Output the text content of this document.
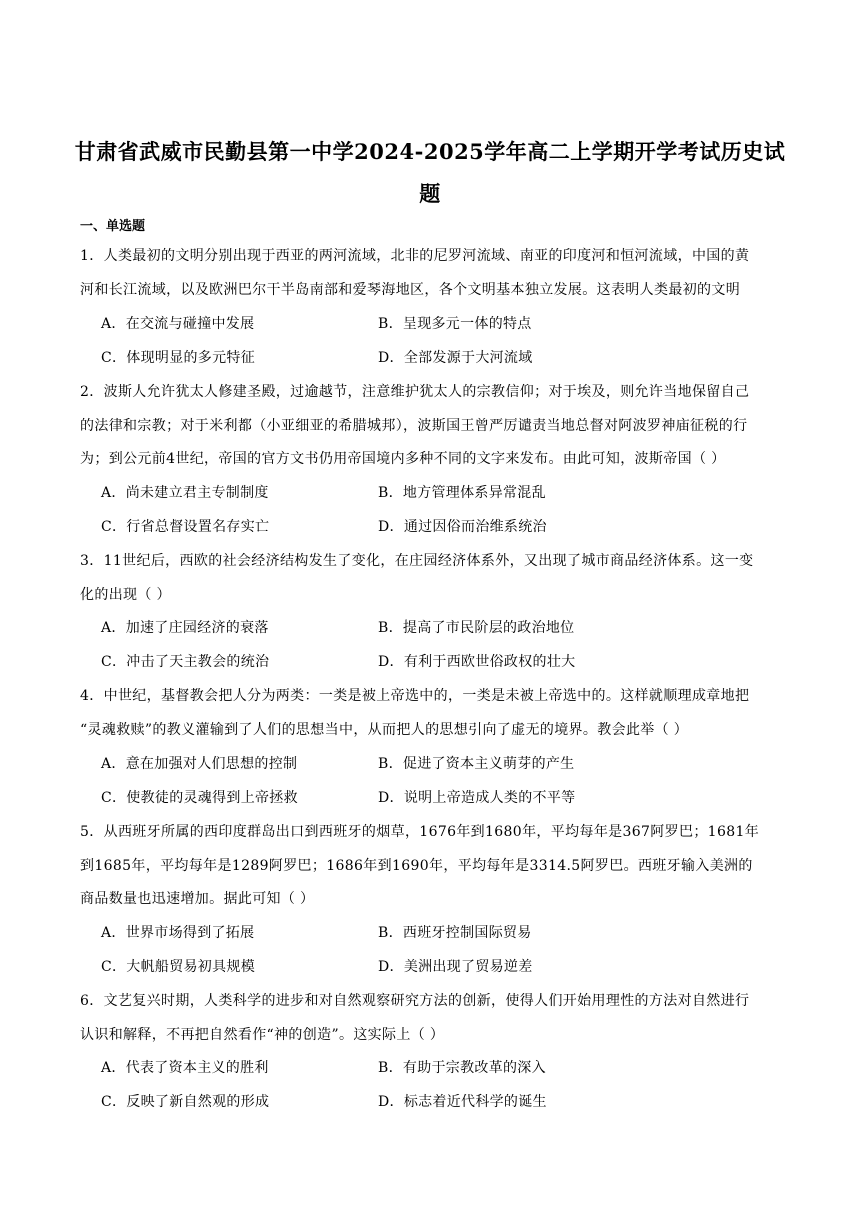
甘肃省武威市民勤县第一中学2024-2025学年高二上学期开学考试历史试
题
一、单选题
1．人类最初的文明分别出现于西亚的两河流域，北非的尼罗河流域、南亚的印度河和恒河流域，中国的黄
河和长江流域，以及欧洲巴尔干半岛南部和爱琴海地区，各个文明基本独立发展。这表明人类最初的文明
A．在交流与碰撞中发展	B．呈现多元一体的特点
C．体现明显的多元特征	D．全部发源于大河流域
2．波斯人允许犹太人修建圣殿，过逾越节，注意维护犹太人的宗教信仰；对于埃及，则允许当地保留自己
的法律和宗教；对于米利都（小亚细亚的希腊城邦），波斯国王曾严厉谴责当地总督对阿波罗神庙征税的行
为；到公元前4世纪，帝国的官方文书仍用帝国境内多种不同的文字来发布。由此可知，波斯帝国（ ）
A．尚未建立君主专制制度	B．地方管理体系异常混乱
C．行省总督设置名存实亡	D．通过因俗而治维系统治
3．11世纪后，西欧的社会经济结构发生了变化，在庄园经济体系外，又出现了城市商品经济体系。这一变
化的出现（ ）
A．加速了庄园经济的衰落	B．提高了市民阶层的政治地位
C．冲击了天主教会的统治	D．有利于西欧世俗政权的壮大
4．中世纪，基督教会把人分为两类：一类是被上帝选中的，一类是未被上帝选中的。这样就顺理成章地把
“灵魂救赎”的教义灌输到了人们的思想当中，从而把人的思想引向了虚无的境界。教会此举（ ）
A．意在加强对人们思想的控制	B．促进了资本主义萌芽的产生
C．使教徒的灵魂得到上帝拯救	D．说明上帝造成人类的不平等
5．从西班牙所属的西印度群岛出口到西班牙的烟草，1676年到1680年，平均每年是367阿罗巴；1681年
到1685年，平均每年是1289阿罗巴；1686年到1690年，平均每年是3314.5阿罗巴。西班牙输入美洲的
商品数量也迅速增加。据此可知（ ）
A．世界市场得到了拓展	B．西班牙控制国际贸易
C．大帆船贸易初具规模	D．美洲出现了贸易逆差
6．文艺复兴时期，人类科学的进步和对自然观察研究方法的创新，使得人们开始用理性的方法对自然进行
认识和解释，不再把自然看作“神的创造”。这实际上（ ）
A．代表了资本主义的胜利	B．有助于宗教改革的深入
C．反映了新自然观的形成	D．标志着近代科学的诞生
